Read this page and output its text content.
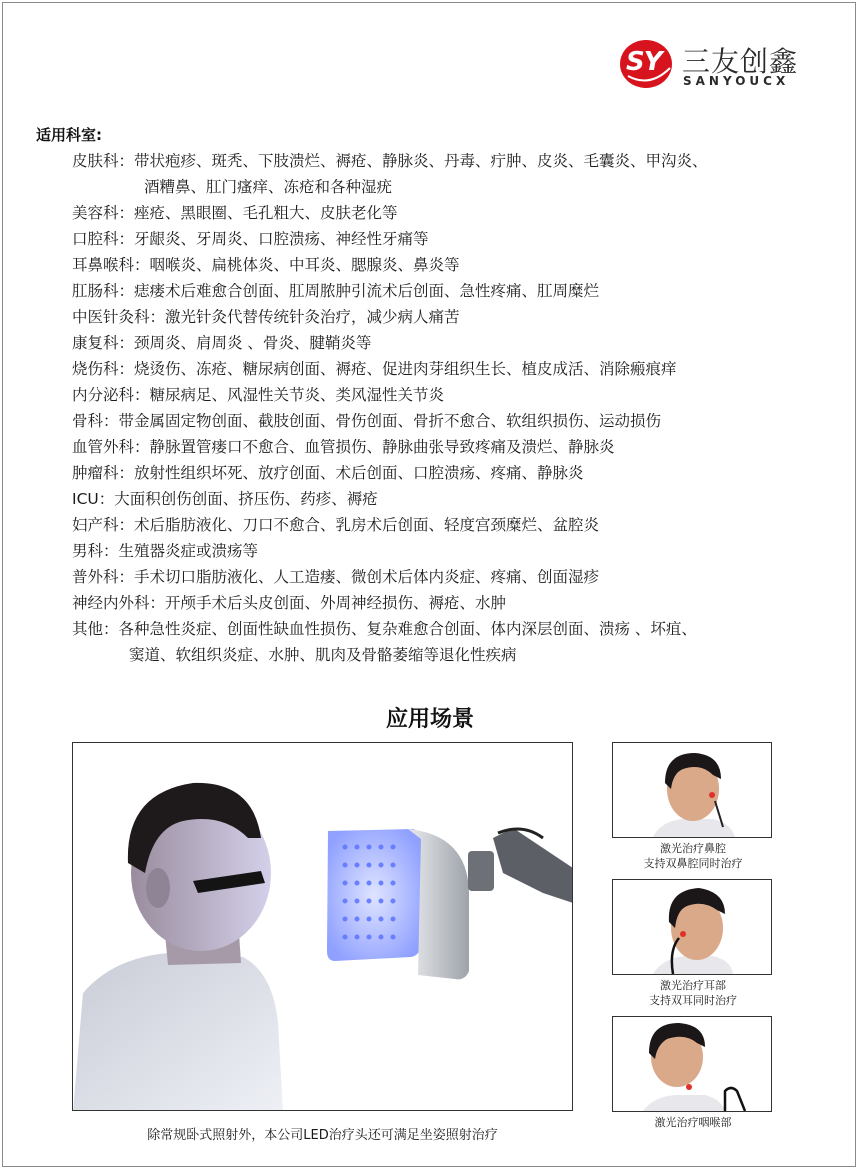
SY 三友创鑫
SANYOUCX
适用科室:
皮肤科：带状疱疹、斑秃、下肢溃烂、褥疮、静脉炎、丹毒、疔肿、皮炎、毛囊炎、甲沟炎、
酒糟鼻、肛门瘙痒、冻疮和各种湿疣
美容科：痤疮、黑眼圈、毛孔粗大、皮肤老化等
口腔科：牙龈炎、牙周炎、口腔溃疡、神经性牙痛等
耳鼻喉科：咽喉炎、扁桃体炎、中耳炎、腮腺炎、鼻炎等
肛肠科：痣瘘术后难愈合创面、肛周脓肿引流术后创面、急性疼痛、肛周糜烂
中医针灸科：激光针灸代替传统针灸治疗，减少病人痛苦
康复科：颈周炎、肩周炎 、骨炎、腱鞘炎等
烧伤科：烧烫伤、冻疮、糖尿病创面、褥疮、促进肉芽组织生长、植皮成活、消除瘢痕痒
内分泌科：糖尿病足、风湿性关节炎、类风湿性关节炎
骨科：带金属固定物创面、截肢创面、骨伤创面、骨折不愈合、软组织损伤、运动损伤
血管外科：静脉置管瘘口不愈合、血管损伤、静脉曲张导致疼痛及溃烂、静脉炎
肿瘤科：放射性组织坏死、放疗创面、术后创面、口腔溃疡、疼痛、静脉炎
ICU：大面积创伤创面、挤压伤、药疹、褥疮
妇产科：术后脂肪液化、刀口不愈合、乳房术后创面、轻度宫颈糜烂、盆腔炎
男科：生殖器炎症或溃疡等
普外科：手术切口脂肪液化、人工造瘘、微创术后体内炎症、疼痛、创面湿疹
神经内外科：开颅手术后头皮创面、外周神经损伤、褥疮、水肿
其他：各种急性炎症、创面性缺血性损伤、复杂难愈合创面、体内深层创面、溃疡 、坏疽、
窦道、软组织炎症、水肿、肌肉及骨骼萎缩等退化性疾病
应用场景
除常规卧式照射外，本公司LED治疗头还可满足坐姿照射治疗
激光治疗鼻腔
支持双鼻腔同时治疗
激光治疗耳部
支持双耳同时治疗
激光治疗咽喉部
